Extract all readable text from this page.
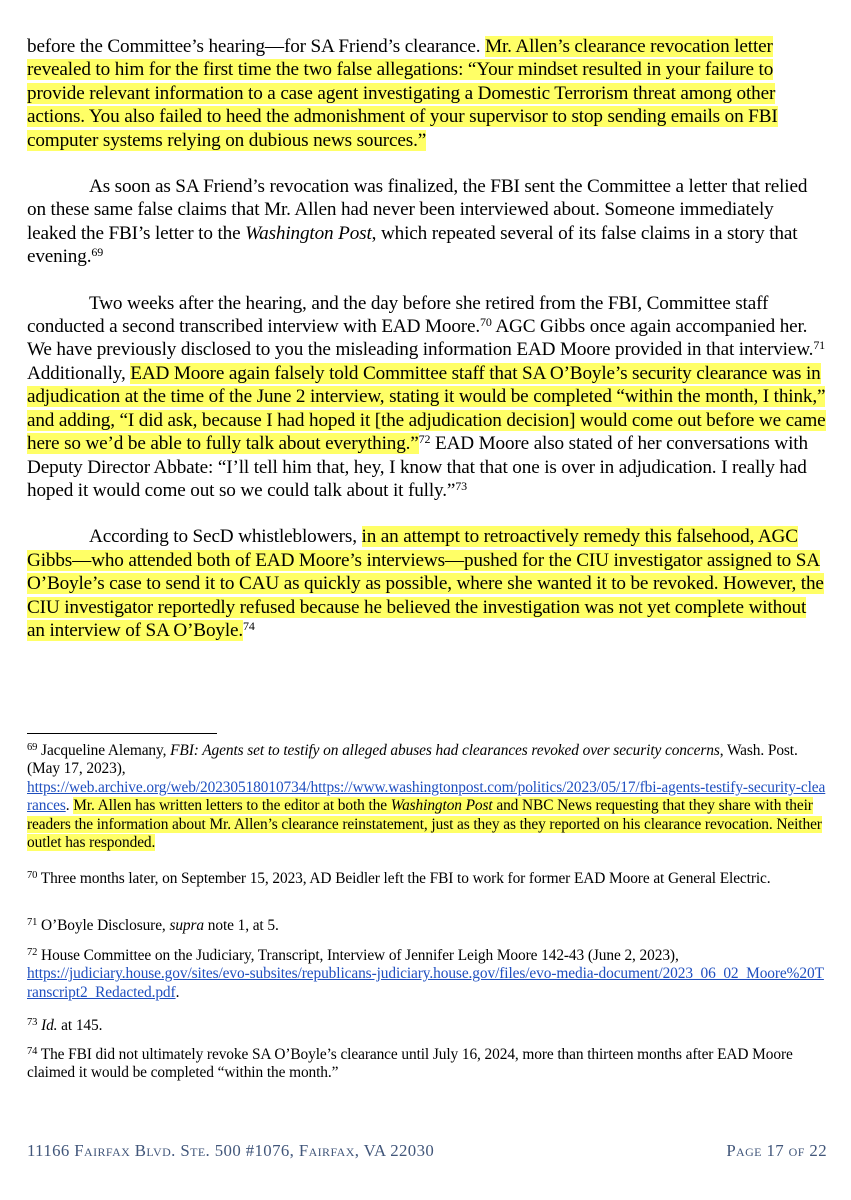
before the Committee’s hearing—for SA Friend’s clearance. Mr. Allen’s clearance revocation letter revealed to him for the first time the two false allegations: “Your mindset resulted in your failure to provide relevant information to a case agent investigating a Domestic Terrorism threat among other actions. You also failed to heed the admonishment of your supervisor to stop sending emails on FBI computer systems relying on dubious news sources.”

As soon as SA Friend’s revocation was finalized, the FBI sent the Committee a letter that relied on these same false claims that Mr. Allen had never been interviewed about. Someone immediately leaked the FBI’s letter to the Washington Post, which repeated several of its false claims in a story that evening.$^{69}$

Two weeks after the hearing, and the day before she retired from the FBI, Committee staff conducted a second transcribed interview with EAD Moore.$^{70}$ AGC Gibbs once again accompanied her. We have previously disclosed to you the misleading information EAD Moore provided in that interview.$^{71}$ Additionally, EAD Moore again falsely told Committee staff that SA O’Boyle’s security clearance was in adjudication at the time of the June 2 interview, stating it would be completed “within the month, I think,” and adding, “I did ask, because I had hoped it [the adjudication decision] would come out before we came here so we’d be able to fully talk about everything.”$^{72}$ EAD Moore also stated of her conversations with Deputy Director Abbate: “I’ll tell him that, hey, I know that that one is over in adjudication. I really had hoped it would come out so we could talk about it fully.”$^{73}$

According to SecD whistleblowers, in an attempt to retroactively remedy this falsehood, AGC Gibbs—who attended both of EAD Moore’s interviews—pushed for the CIU investigator assigned to SA O’Boyle’s case to send it to CAU as quickly as possible, where she wanted it to be revoked. However, the CIU investigator reportedly refused because he believed the investigation was not yet complete without an interview of SA O’Boyle.$^{74}$

$^{69}$ Jacqueline Alemany, FBI: Agents set to testify on alleged abuses had clearances revoked over security concerns, Wash. Post. (May 17, 2023),
https://web.archive.org/web/20230518010734/https://www.washingtonpost.com/politics/2023/05/17/fbi-agents-testify-security-clearances. Mr. Allen has written letters to the editor at both the Washington Post and NBC News requesting that they share with their readers the information about Mr. Allen’s clearance reinstatement, just as they as they reported on his clearance revocation. Neither outlet has responded.

$^{70}$ Three months later, on September 15, 2023, AD Beidler left the FBI to work for former EAD Moore at General Electric.

$^{71}$ O’Boyle Disclosure, supra note 1, at 5.

$^{72}$ House Committee on the Judiciary, Transcript, Interview of Jennifer Leigh Moore 142-43 (June 2, 2023),
https://judiciary.house.gov/sites/evo-subsites/republicans-judiciary.house.gov/files/evo-media-document/2023_06_02_Moore%20Transcript2_Redacted.pdf.

$^{73}$ Id. at 145.

$^{74}$ The FBI did not ultimately revoke SA O’Boyle’s clearance until July 16, 2024, more than thirteen months after EAD Moore claimed it would be completed “within the month.”

11166 Fairfax Blvd. Ste. 500 #1076, Fairfax, VA 22030	Page 17 of 22
